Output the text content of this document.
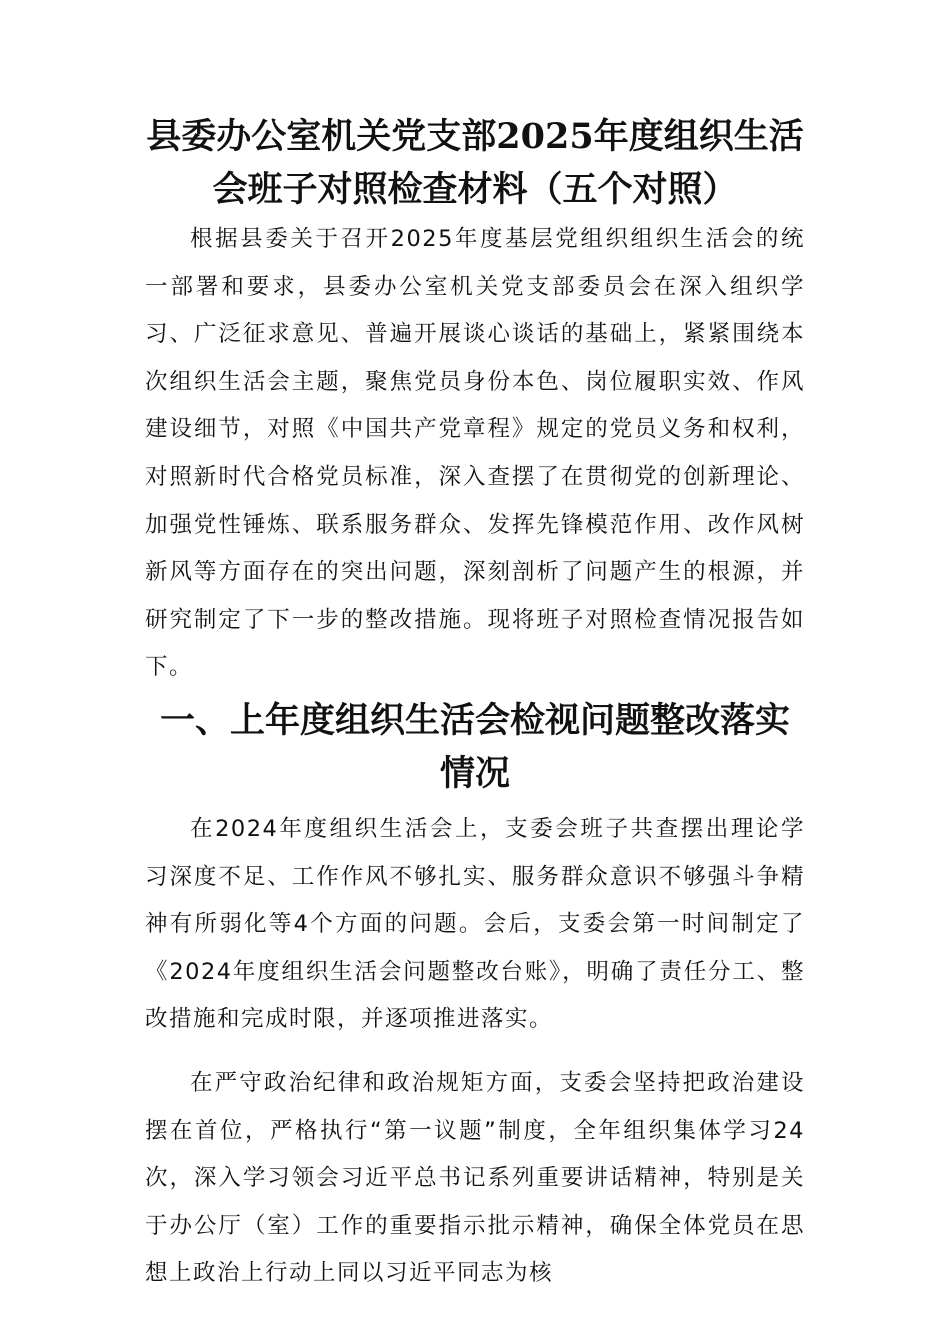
县委办公室机关党支部2025年度组织生活
会班子对照检查材料（五个对照）

根据县委关于召开2025年度基层党组织组织生活会的统一部署和要求，县委办公室机关党支部委员会在深入组织学习、广泛征求意见、普遍开展谈心谈话的基础上，紧紧围绕本次组织生活会主题，聚焦党员身份本色、岗位履职实效、作风建设细节，对照《中国共产党章程》规定的党员义务和权利，对照新时代合格党员标准，深入查摆了在贯彻党的创新理论、加强党性锤炼、联系服务群众、发挥先锋模范作用、改作风树新风等方面存在的突出问题，深刻剖析了问题产生的根源，并研究制定了下一步的整改措施。现将班子对照检查情况报告如下。

一、上年度组织生活会检视问题整改落实
情况

在2024年度组织生活会上，支委会班子共查摆出理论学习深度不足、工作作风不够扎实、服务群众意识不够强斗争精神有所弱化等4个方面的问题。会后，支委会第一时间制定了《2024年度组织生活会问题整改台账》，明确了责任分工、整改措施和完成时限，并逐项推进落实。

在严守政治纪律和政治规矩方面，支委会坚持把政治建设摆在首位，严格执行“第一议题”制度，全年组织集体学习24次，深入学习领会习近平总书记系列重要讲话精神，特别是关于办公厅（室）工作的重要指示批示精神，确保全体党员在思想上政治上行动上同以习近平同志为核
